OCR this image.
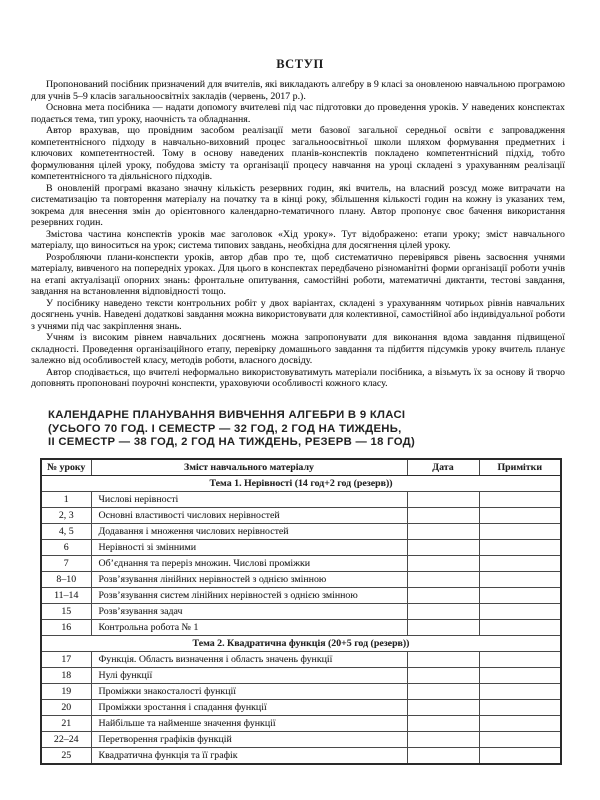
ВСТУП

Пропонований посібник призначений для вчителів, які викладають алгебру в 9 класі за оновленою навчальною програмою для учнів 5–9 класів загальноосвітніх закладів (червень, 2017 р.).

Основна мета посібника — надати допомогу вчителеві під час підготовки до проведення уроків. У наведених конспектах подається тема, тип уроку, наочність та обладнання.

Автор врахував, що провідним засобом реалізації мети базової загальної середньої освіти є запровадження компетентнісного підходу в навчально-виховний процес загальноосвітньої школи шляхом формування предметних і ключових компетентностей. Тому в основу наведених планів-конспектів покладено компетентнісний підхід, тобто формулювання цілей уроку, побудова змісту та організації процесу навчання на уроці складені з урахуванням реалізації компетентнісного та діяльнісного підходів.

В оновленій програмі вказано значну кількість резервних годин, які вчитель, на власний розсуд може витрачати на систематизацію та повторення матеріалу на початку та в кінці року, збільшення кількості годин на кожну із указаних тем, зокрема для внесення змін до орієнтовного календарно-тематичного плану. Автор пропонує своє бачення використання резервних годин.

Змістова частина конспектів уроків має заголовок «Хід уроку». Тут відображено: етапи уроку; зміст навчального матеріалу, що виноситься на урок; система типових завдань, необхідна для досягнення цілей уроку.

Розробляючи плани-конспекти уроків, автор дбав про те, щоб систематично перевірявся рівень засвоєння учнями матеріалу, вивченого на попередніх уроках. Для цього в конспектах передбачено різноманітні форми організації роботи учнів на етапі актуалізації опорних знань: фронтальне опитування, самостійні роботи, математичні диктанти, тестові завдання, завдання на встановлення відповідності тощо.

У посібнику наведено тексти контрольних робіт у двох варіантах, складені з урахуванням чотирьох рівнів навчальних досягнень учнів. Наведені додаткові завдання можна використовувати для колективної, самостійної або індивідуальної роботи з учнями під час закріплення знань.

Учням із високим рівнем навчальних досягнень можна запропонувати для виконання вдома завдання підвищеної складності. Проведення організаційного етапу, перевірку домашнього завдання та підбиття підсумків уроку вчитель планує залежно від особливостей класу, методів роботи, власного досвіду.

Автор сподівається, що вчителі неформально використовуватимуть матеріали посібника, а візьмуть їх за основу й творчо доповнять пропоновані поурочні конспекти, ураховуючи особливості кожного класу.

КАЛЕНДАРНЕ ПЛАНУВАННЯ ВИВЧЕННЯ АЛГЕБРИ В 9 КЛАСІ
(УСЬОГО 70 ГОД. І СЕМЕСТР — 32 ГОД, 2 ГОД НА ТИЖДЕНЬ,
ІІ СЕМЕСТР — 38 ГОД, 2 ГОД НА ТИЖДЕНЬ, РЕЗЕРВ — 18 ГОД)
№ уроку	Зміст навчального матеріалу	Дата	Примітки
Тема 1. Нерівності (14 год+2 год (резерв))			
1	Числові нерівності		
2, 3	Основні властивості числових нерівностей		
4, 5	Додавання і множення числових нерівностей		
6	Нерівності зі змінними		
7	Об’єднання та переріз множин. Числові проміжки		
8–10	Розв’язування лінійних нерівностей з однією змінною		
11–14	Розв’язування систем лінійних нерівностей з однією змінною		
15	Розв’язування задач		
16	Контрольна робота № 1		
Тема 2. Квадратична функція (20+5 год (резерв))			
17	Функція. Область визначення і область значень функції		
18	Нулі функції		
19	Проміжки знакосталості функції		
20	Проміжки зростання і спадання функції		
21	Найбільше та найменше значення функції		
22–24	Перетворення графіків функцій		
25	Квадратична функція та її графік		
